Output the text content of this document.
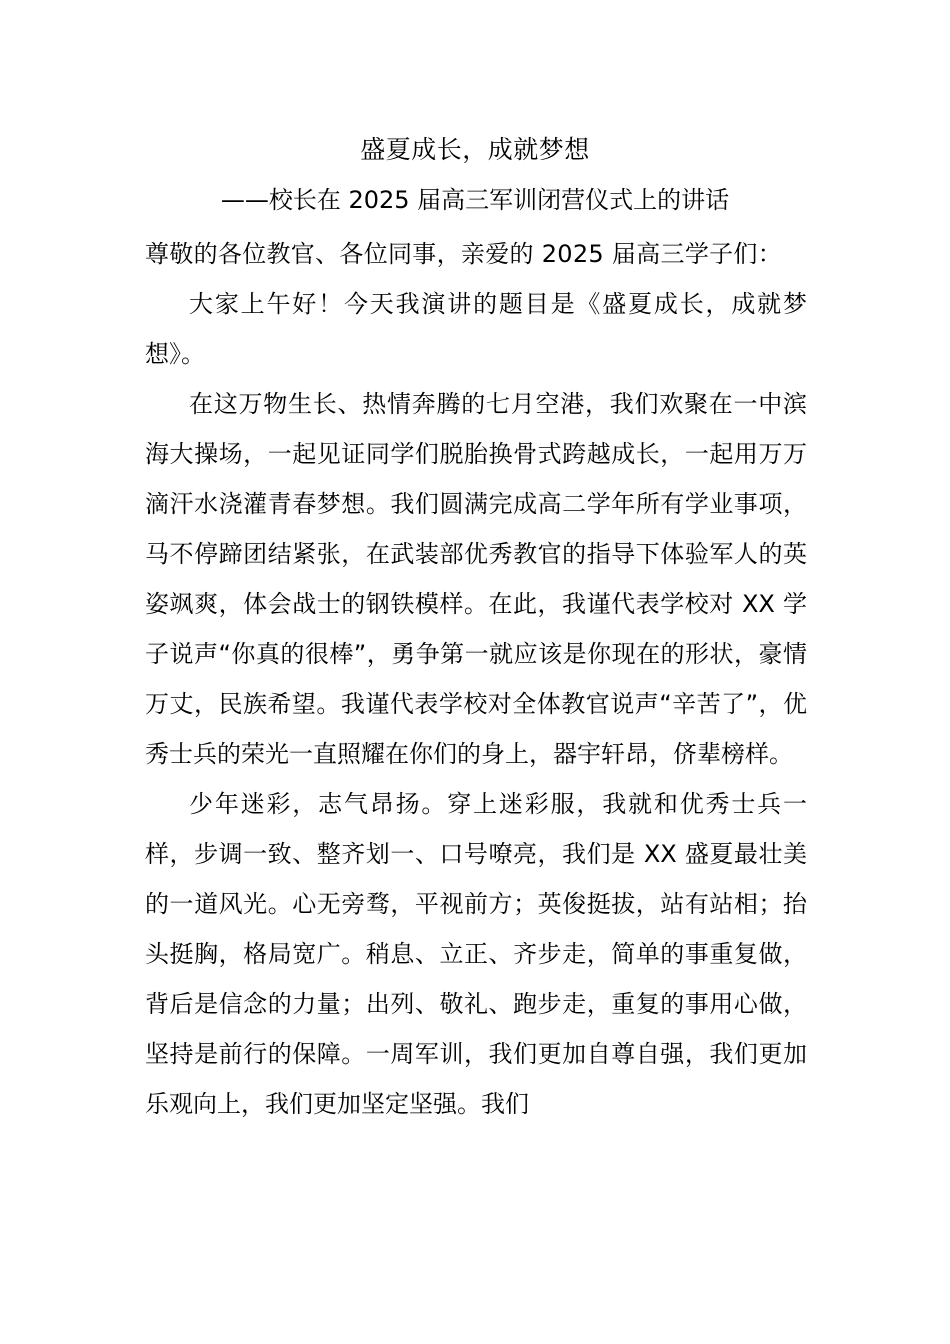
盛夏成长，成就梦想
——校长在 2025 届高三军训闭营仪式上的讲话

尊敬的各位教官、各位同事，亲爱的 2025 届高三学子们：

大家上午好！今天我演讲的题目是《盛夏成长，成就梦想》。

在这万物生长、热情奔腾的七月空港，我们欢聚在一中滨海大操场，一起见证同学们脱胎换骨式跨越成长，一起用万万滴汗水浇灌青春梦想。我们圆满完成高二学年所有学业事项，马不停蹄团结紧张，在武装部优秀教官的指导下体验军人的英姿飒爽，体会战士的钢铁模样。在此，我谨代表学校对 XX 学子说声“你真的很棒”，勇争第一就应该是你现在的形状，豪情万丈，民族希望。我谨代表学校对全体教官说声“辛苦了”，优秀士兵的荣光一直照耀在你们的身上，器宇轩昂，侪辈榜样。

少年迷彩，志气昂扬。穿上迷彩服，我就和优秀士兵一样，步调一致、整齐划一、口号嘹亮，我们是 XX 盛夏最壮美的一道风光。心无旁骛，平视前方；英俊挺拔，站有站相；抬头挺胸，格局宽广。稍息、立正、齐步走，简单的事重复做，背后是信念的力量；出列、敬礼、跑步走，重复的事用心做，坚持是前行的保障。一周军训，我们更加自尊自强，我们更加乐观向上，我们更加坚定坚强。我们
